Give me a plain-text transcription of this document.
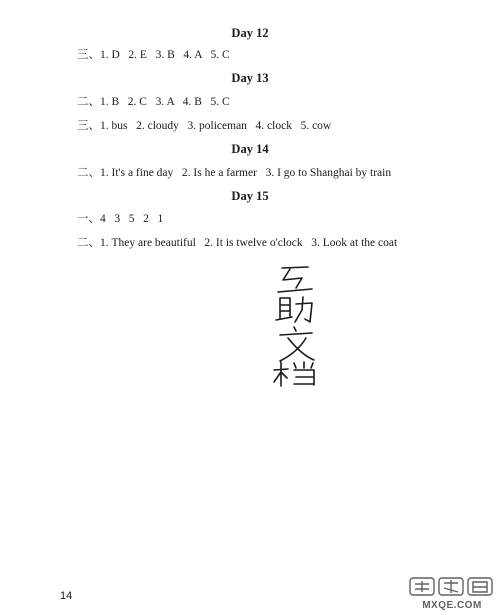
Day 12
三、1. D   2. E   3. B   4. A   5. C
Day 13
二、1. B   2. C   3. A   4. B   5. C
三、1. bus   2. cloudy   3. policeman   4. clock   5. cow
Day 14
二、1. It's a fine day   2. Is he a farmer   3. I go to Shanghai by train
Day 15
一、4   3   5   2   1
二、1. They are beautiful   2. It is twelve o'clock   3. Look at the coat
14
MXQE.COM
